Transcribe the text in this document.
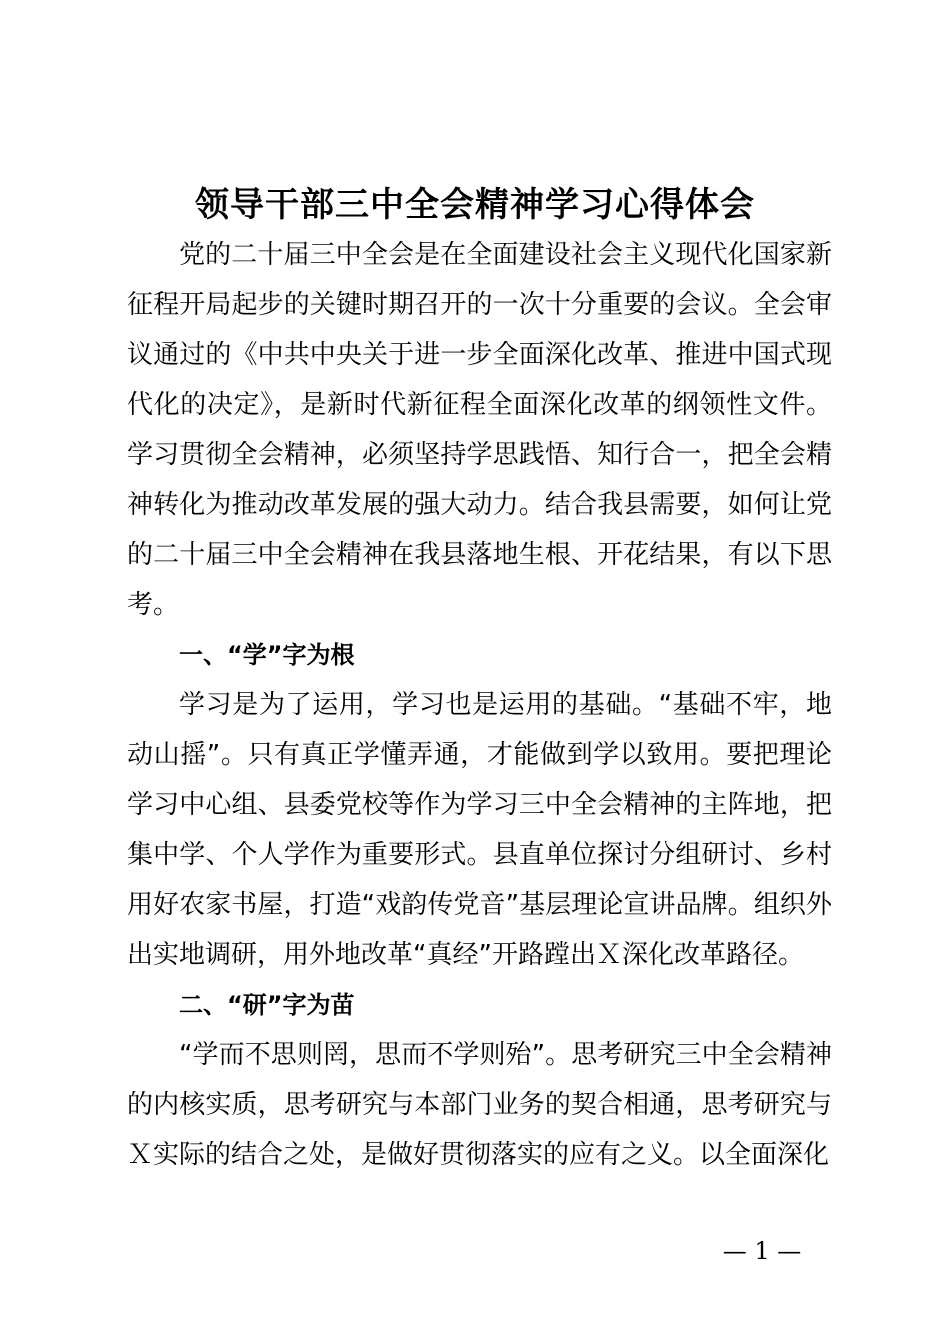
领导干部三中全会精神学习心得体会

党的二十届三中全会是在全面建设社会主义现代化国家新征程开局起步的关键时期召开的一次十分重要的会议。全会审议通过的《中共中央关于进一步全面深化改革、推进中国式现代化的决定》，是新时代新征程全面深化改革的纲领性文件。学习贯彻全会精神，必须坚持学思践悟、知行合一，把全会精神转化为推动改革发展的强大动力。结合我县需要，如何让党的二十届三中全会精神在我县落地生根、开花结果，有以下思考。

一、“学”字为根

学习是为了运用，学习也是运用的基础。“基础不牢，地动山摇”。只有真正学懂弄通，才能做到学以致用。要把理论学习中心组、县委党校等作为学习三中全会精神的主阵地，把集中学、个人学作为重要形式。县直单位探讨分组研讨、乡村用好农家书屋，打造“戏韵传党音”基层理论宣讲品牌。组织外出实地调研，用外地改革“真经”开路蹚出Ｘ深化改革路径。

二、“研”字为苗

“学而不思则罔，思而不学则殆”。思考研究三中全会精神的内核实质，思考研究与本部门业务的契合相通，思考研究与Ｘ实际的结合之处，是做好贯彻落实的应有之义。以全面深化

— 1 —
